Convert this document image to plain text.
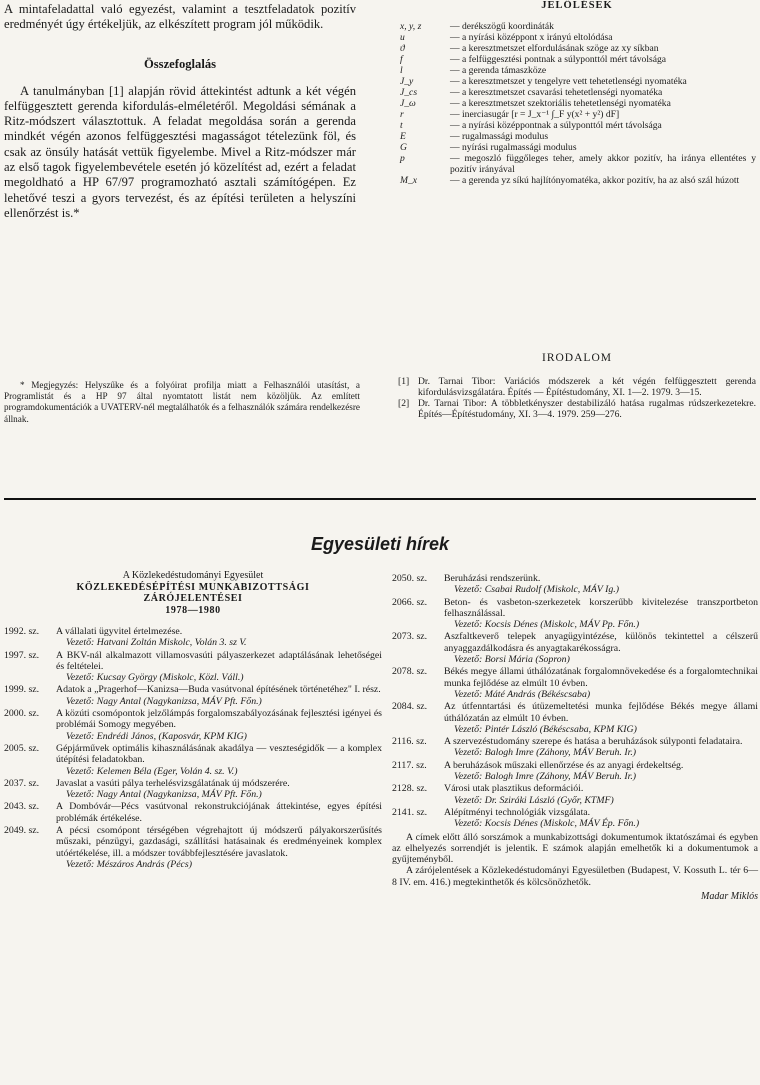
A mintafeladattal való egyezést, valamint a tesztfeladatok pozitív eredményét úgy értékeljük, az elkészített program jól működik.

Összefoglalás

A tanulmányban [1] alapján rövid áttekintést adtunk a két végén felfüggesztett gerenda kifordulás-elméletéről. Megoldási sémának a Ritz-módszert választottuk. A feladat megoldása során a gerenda mindkét végén azonos felfüggesztési magasságot tételezünk föl, és csak az önsúly hatását vettük figyelembe. Mivel a Ritz-módszer már az első tagok figyelembevétele esetén jó közelítést ad, ezért a feladat megoldható a HP 67/97 programozható asztali számítógépen. Ez lehetővé teszi a gyors tervezést, és az építési területen a helyszíni ellenőrzést is.*

* Megjegyzés: Helyszűke és a folyóirat profilja miatt a Felhasználói utasítást, a Programlistát és a HP 97 által nyomtatott listát nem közöljük. Az említett programdokumentációk a UVATERV-nél megtalálhatók és a felhasználók számára rendelkezésre állnak.

JELÖLÉSEK
x, y, z	— derékszögű koordináták
u	— a nyírási középpont x irányú eltolódása
ϑ	— a keresztmetszet elfordulásának szöge az xy síkban
f	— a felfüggesztési pontnak a súlyponttól mért távolsága
l	— a gerenda támaszköze
J_y	— a keresztmetszet y tengelyre vett tehetetlenségi nyomatéka
J_cs	— a keresztmetszet csavarási tehetetlenségi nyomatéka
J_ω	— a keresztmetszet szektoriális tehetetlenségi nyomatéka
r	— inerciasugár [r = J_x⁻¹ ∫_F y(x² + y²) dF]
t	— a nyírási középpontnak a súlyponttól mért távolsága
E	— rugalmassági modulus
G	— nyírási rugalmassági modulus
p	— megoszló függőleges teher, amely akkor pozitív, ha iránya ellentétes y pozitív irányával
M_x	— a gerenda yz síkú hajlítónyomatéka, akkor pozitív, ha az alsó szál húzott
IRODALOM
[1] Dr. Tarnai Tibor: Variációs módszerek a két végén felfüggesztett gerenda kifordulásvizsgálatára. Építés — Építéstudomány, XI. 1—2. 1979. 3—15.
[2] Dr. Tarnai Tibor: A többletkényszer destabilizáló hatása rugalmas rúdszerkezetekre. Építés—Építéstudomány, XI. 3—4. 1979. 259—276.
Egyesületi hírek
A Közlekedéstudományi Egyesület
KÖZLEKEDÉSÉPÍTÉSI MUNKABIZOTTSÁGI
ZÁRÓJELENTÉSEI
1978—1980
1992. sz.	A vállalati ügyvitel értelmezése.
Vezető: Hatvani Zoltán Miskolc, Volán 3. sz V.
1997. sz.	A BKV-nál alkalmazott villamosvasúti pályaszerkezet adaptálásának lehetőségei és feltételei.
Vezető: Kucsay György (Miskolc, Közl. Váll.)
1999. sz.	Adatok a „Pragerhof—Kanizsa—Buda vasútvonal építésének történetéhez" I. rész.
Vezető: Nagy Antal (Nagykanizsa, MÁV Pft. Főn.)
2000. sz.	A közúti csomópontok jelzőlámpás forgalomszabályozásának fejlesztési igényei és problémái Somogy megyében.
Vezető: Endrédi János, (Kaposvár, KPM KIG)
2005. sz.	Gépjárművek optimális kihasználásának akadálya — veszteségidők — a komplex útépítési feladatokban.
Vezető: Kelemen Béla (Eger, Volán 4. sz. V.)
2037. sz.	Javaslat a vasúti pálya terhelésvizsgálatának új módszerére.
Vezető: Nagy Antal (Nagykanizsa, MÁV Pft. Főn.)
2043. sz.	A Dombóvár—Pécs vasútvonal rekonstrukciójának áttekintése, egyes építési problémák értékelése.
2049. sz.	A pécsi csomópont térségében végrehajtott új módszerű pályakorszerűsítés műszaki, pénzügyi, gazdasági, szállítási hatásainak és eredményeinek komplex utóértékelése, ill. a módszer továbbfejlesztésére javaslatok.
Vezető: Mészáros András (Pécs)
2050. sz.	Beruházási rendszerünk.
Vezető: Csabai Rudolf (Miskolc, MÁV Ig.)
2066. sz.	Beton- és vasbeton-szerkezetek korszerűbb kivitelezése transzportbeton felhasználással.
Vezető: Kocsis Dénes (Miskolc, MÁV Pp. Főn.)
2073. sz.	Aszfaltkeverő telepek anyagügyintézése, különös tekintettel a célszerű anyaggazdálkodásra és anyagtakarékosságra.
Vezető: Borsi Mária (Sopron)
2078. sz.	Békés megye állami úthálózatának forgalomnövekedése és a forgalomtechnikai munka fejlődése az elmúlt 10 évben.
Vezető: Máté András (Békéscsaba)
2084. sz.	Az útfenntartási és útüzemeltetési munka fejlődése Békés megye állami úthálózatán az elmúlt 10 évben.
Vezető: Pintér László (Békéscsaba, KPM KIG)
2116. sz.	A szervezéstudomány szerepe és hatása a beruházások súlyponti feladataira.
Vezető: Balogh Imre (Záhony, MÁV Beruh. Ir.)
2117. sz.	A beruházások műszaki ellenőrzése és az anyagi érdekeltség.
Vezető: Balogh Imre (Záhony, MÁV Beruh. Ir.)
2128. sz.	Városi utak plasztikus deformációi.
Vezető: Dr. Sziráki László (Győr, KTMF)
2141. sz.	Alépítményi technológiák vizsgálata.
Vezető: Kocsis Dénes (Miskolc, MÁV Ép. Főn.)

A címek előtt álló sorszámok a munkabizottsági dokumentumok iktatószámai és egyben az elhelyezés sorrendjét is jelentik. E számok alapján emelhetők ki a dokumentumok a gyűjteményből.

A zárójelentések a Közlekedéstudományi Egyesületben (Budapest, V. Kossuth L. tér 6—8 IV. em. 416.) megtekinthetők és kölcsönözhetők.

Madar Miklós
